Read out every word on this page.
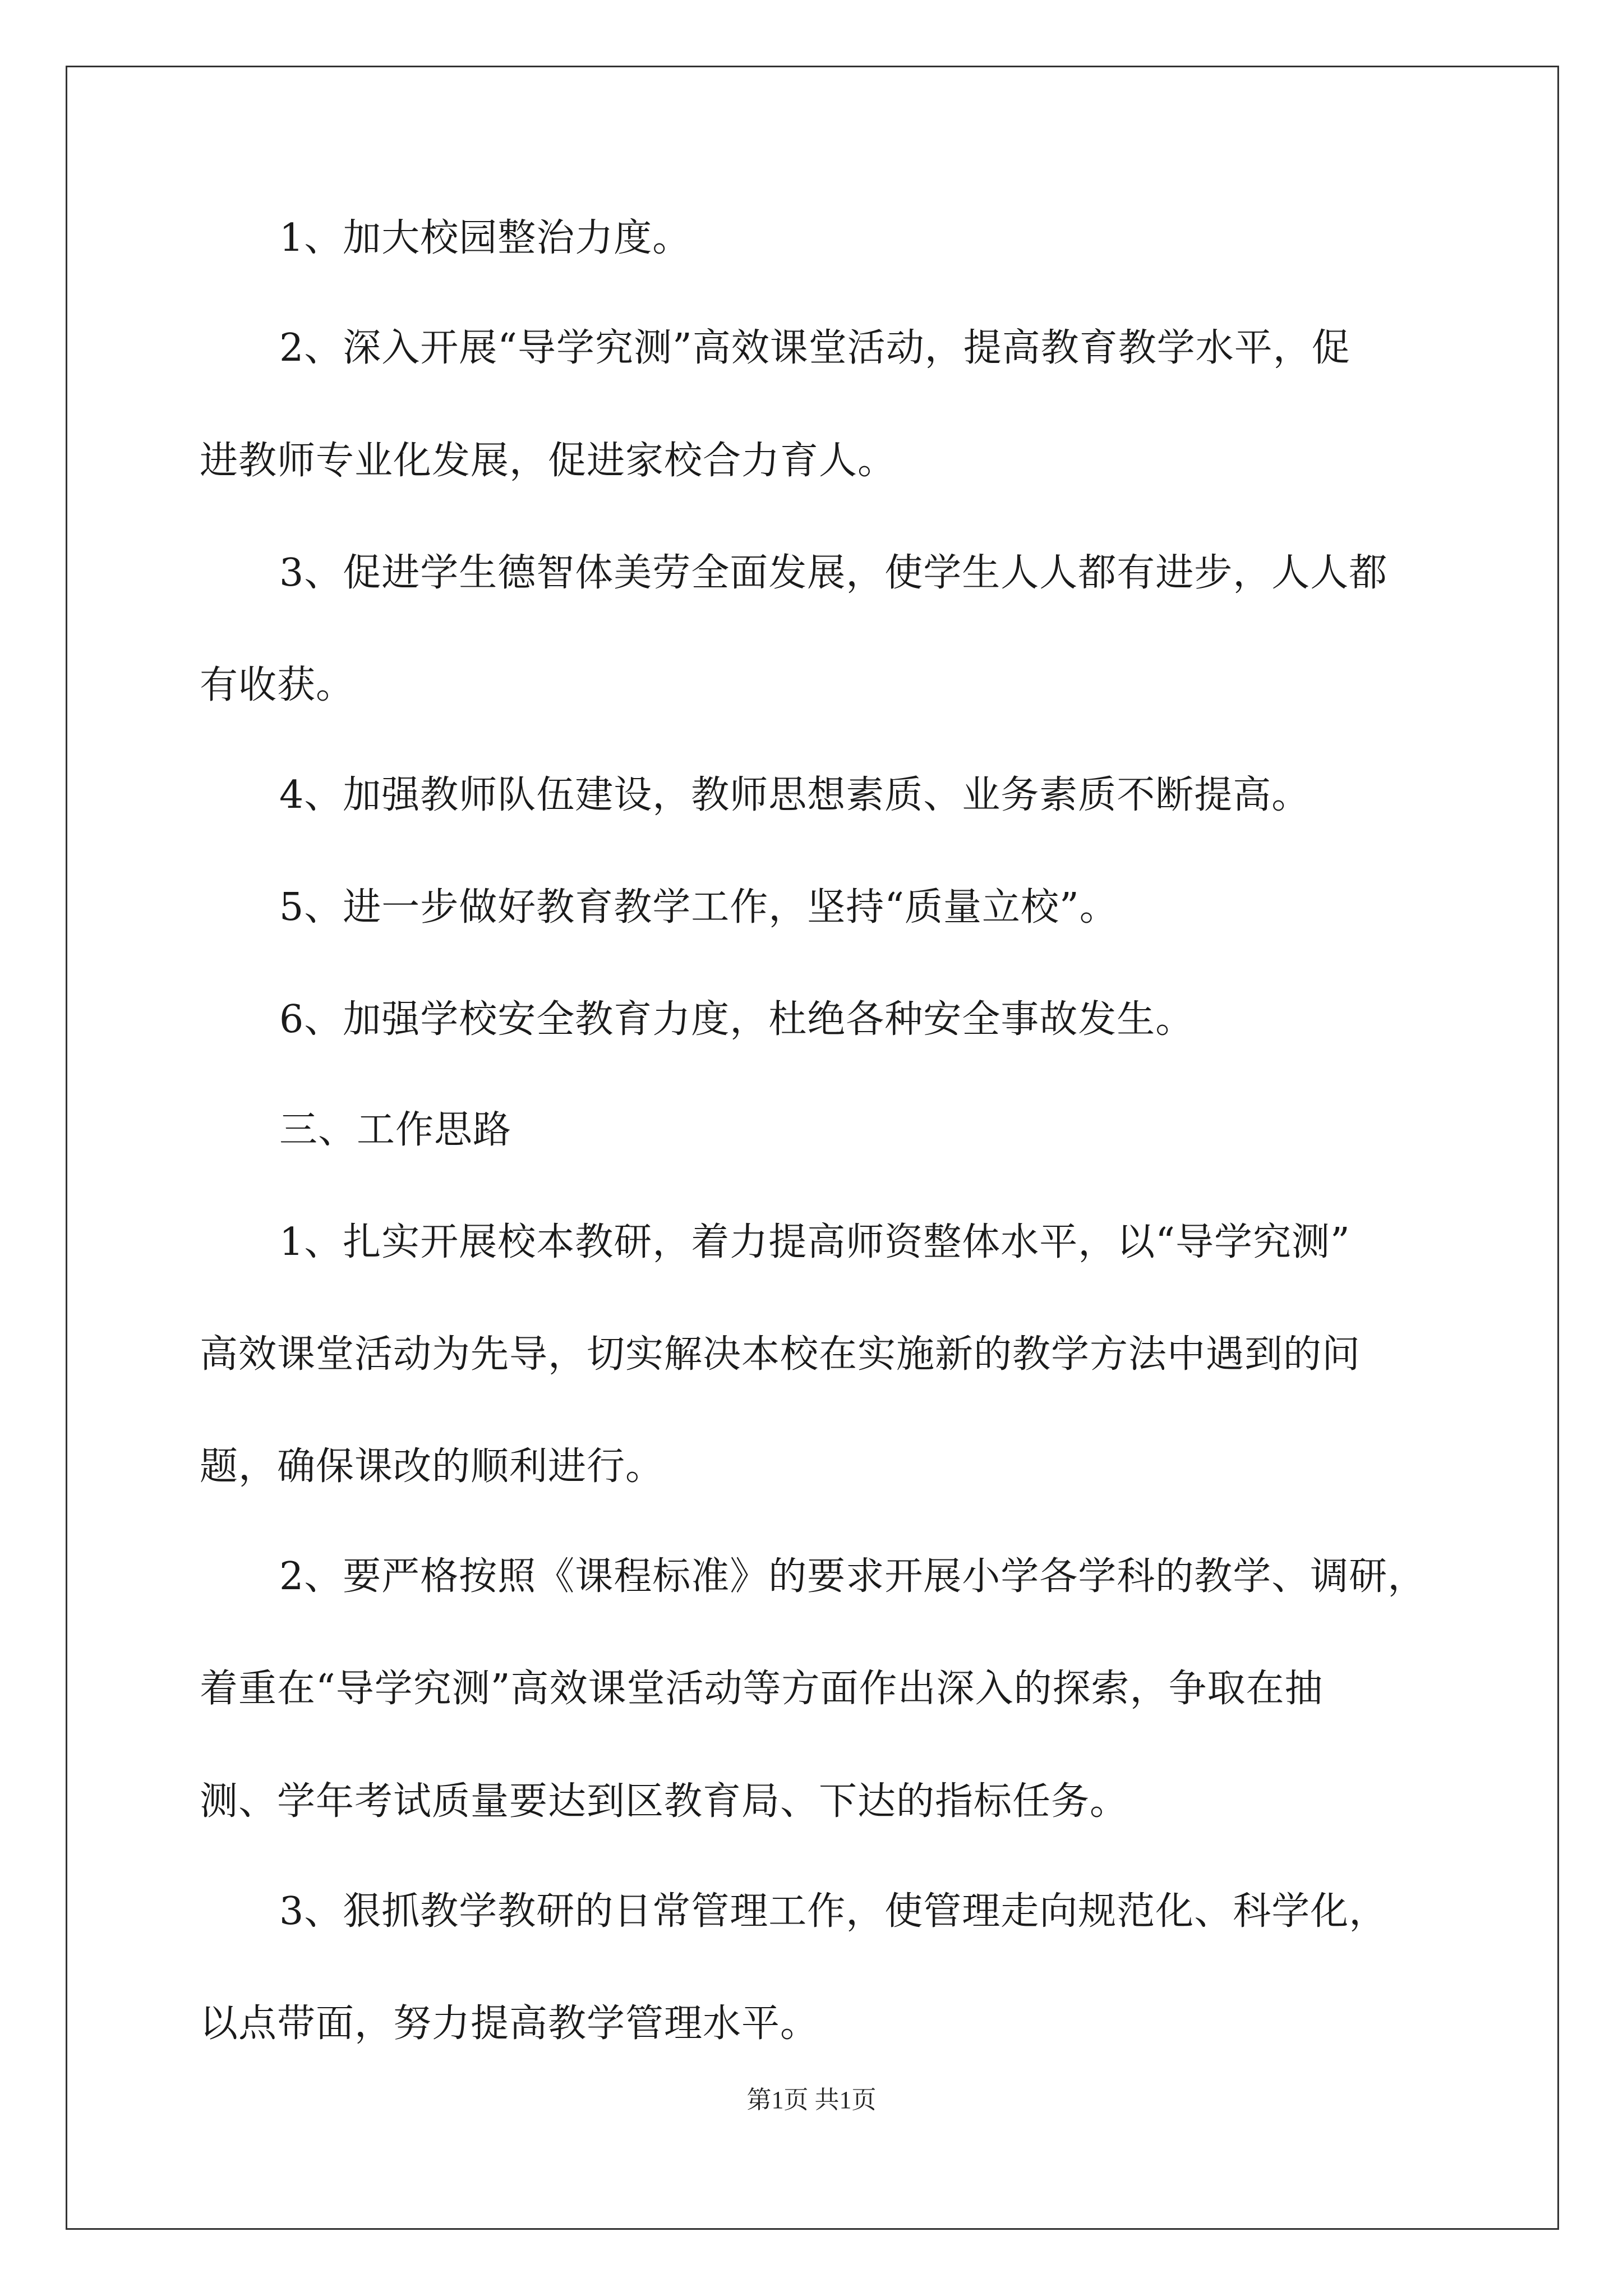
1、加大校园整治力度。
2、深入开展“导学究测”高效课堂活动，提高教育教学水平，促
进教师专业化发展，促进家校合力育人。
3、促进学生德智体美劳全面发展，使学生人人都有进步，人人都
有收获。
4、加强教师队伍建设，教师思想素质、业务素质不断提高。
5、进一步做好教育教学工作，坚持“质量立校”。
6、加强学校安全教育力度，杜绝各种安全事故发生。
三、工作思路
1、扎实开展校本教研，着力提高师资整体水平，以“导学究测”
高效课堂活动为先导，切实解决本校在实施新的教学方法中遇到的问
题，确保课改的顺利进行。
2、要严格按照《课程标准》的要求开展小学各学科的教学、调研，
着重在“导学究测”高效课堂活动等方面作出深入的探索，争取在抽
测、学年考试质量要达到区教育局、下达的指标任务。
3、狠抓教学教研的日常管理工作，使管理走向规范化、科学化，
以点带面，努力提高教学管理水平。
第1页 共1页
